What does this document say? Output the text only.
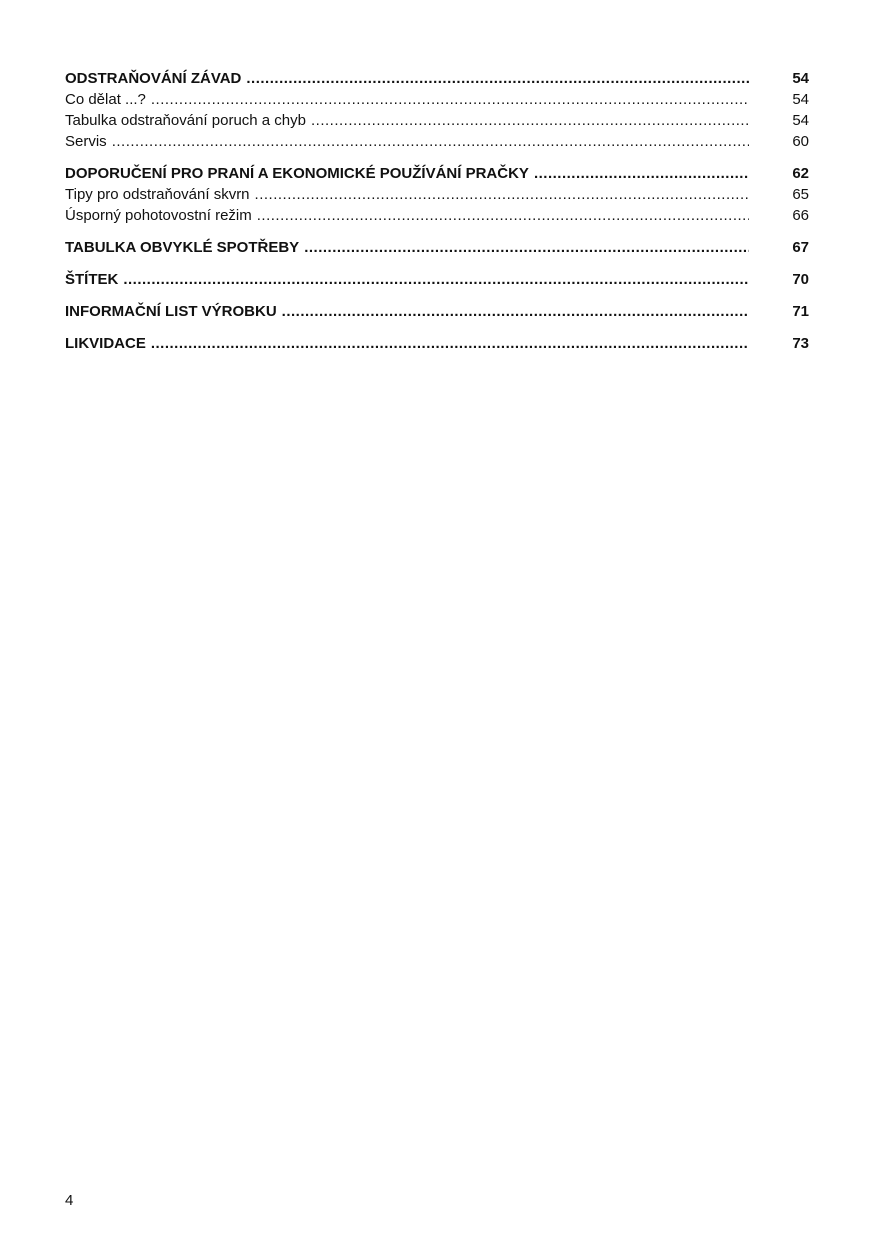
ODSTRAŇOVÁNÍ ZÁVAD .....	54
Co dělat ...? .....	54
Tabulka odstraňování poruch a chyb .....	54
Servis .....	60
DOPORUČENÍ PRO PRANÍ A EKONOMICKÉ POUŽÍVÁNÍ PRAČKY .....	62
Tipy pro odstraňování skvrn .....	65
Úsporný pohotovostní režim .....	66
TABULKA OBVYKLÉ SPOTŘEBY .....	67
ŠTÍTEK .....	70
INFORMAČNÍ LIST VÝROBKU .....	71
LIKVIDACE .....	73
4
